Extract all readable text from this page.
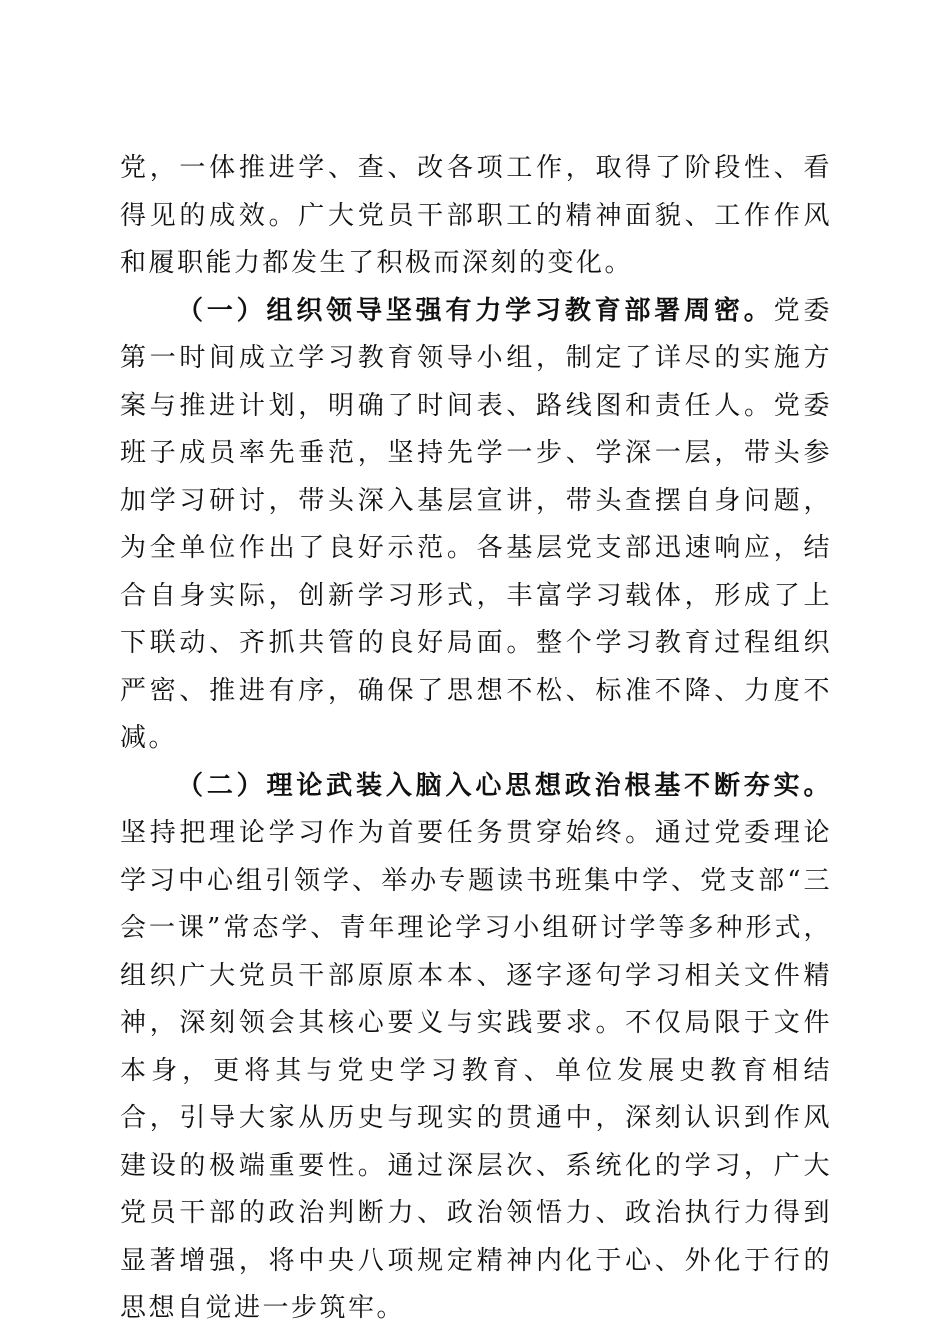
党，一体推进学、查、改各项工作，取得了阶段性、看得见的成效。广大党员干部职工的精神面貌、工作作风和履职能力都发生了积极而深刻的变化。

（一）组织领导坚强有力学习教育部署周密。党委第一时间成立学习教育领导小组，制定了详尽的实施方案与推进计划，明确了时间表、路线图和责任人。党委班子成员率先垂范，坚持先学一步、学深一层，带头参加学习研讨，带头深入基层宣讲，带头查摆自身问题，为全单位作出了良好示范。各基层党支部迅速响应，结合自身实际，创新学习形式，丰富学习载体，形成了上下联动、齐抓共管的良好局面。整个学习教育过程组织严密、推进有序，确保了思想不松、标准不降、力度不减。

（二）理论武装入脑入心思想政治根基不断夯实。坚持把理论学习作为首要任务贯穿始终。通过党委理论学习中心组引领学、举办专题读书班集中学、党支部“三会一课”常态学、青年理论学习小组研讨学等多种形式，组织广大党员干部原原本本、逐字逐句学习相关文件精神，深刻领会其核心要义与实践要求。不仅局限于文件本身，更将其与党史学习教育、单位发展史教育相结合，引导大家从历史与现实的贯通中，深刻认识到作风建设的极端重要性。通过深层次、系统化的学习，广大党员干部的政治判断力、政治领悟力、政治执行力得到显著增强，将中央八项规定精神内化于心、外化于行的思想自觉进一步筑牢。
